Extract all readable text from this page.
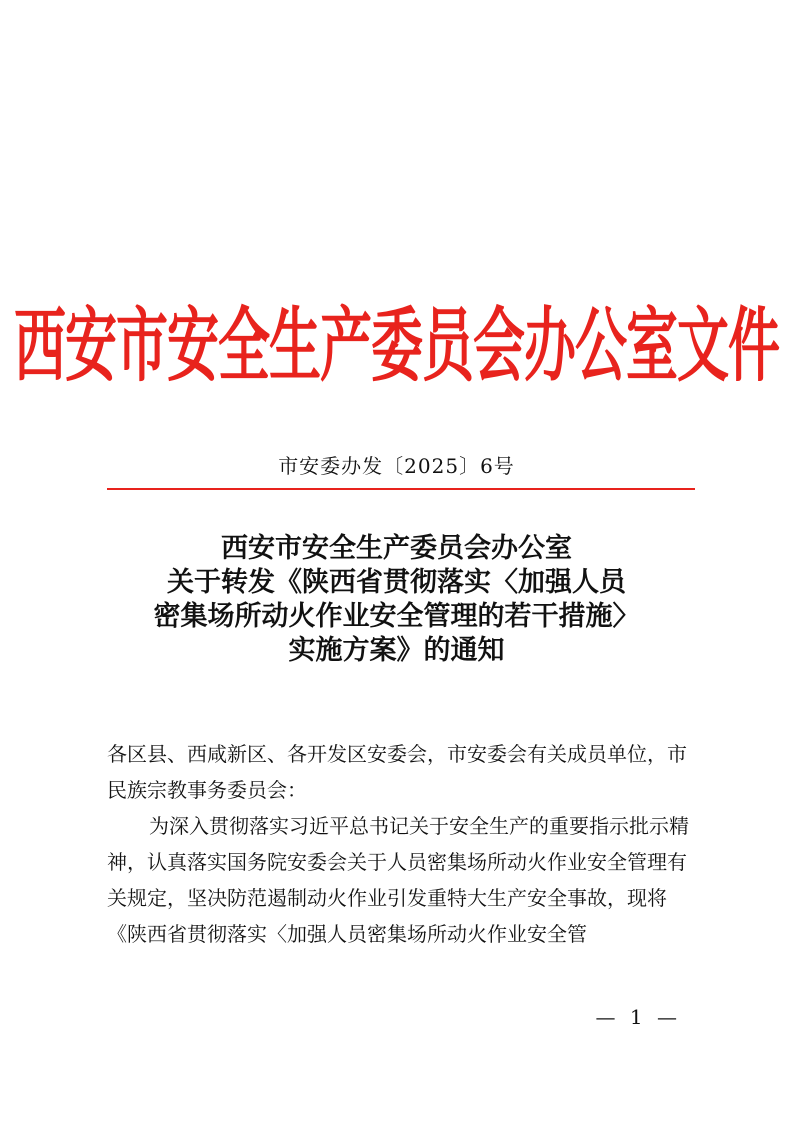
西安市安全生产委员会办公室文件
市安委办发〔2025〕6号
西安市安全生产委员会办公室
关于转发《陕西省贯彻落实〈加强人员
密集场所动火作业安全管理的若干措施〉
实施方案》的通知

各区县、西咸新区、各开发区安委会，市安委会有关成员单位，市民族宗教事务委员会：

为深入贯彻落实习近平总书记关于安全生产的重要指示批示精神，认真落实国务院安委会关于人员密集场所动火作业安全管理有关规定，坚决防范遏制动火作业引发重特大生产安全事故，现将《陕西省贯彻落实〈加强人员密集场所动火作业安全管

— 1 —
